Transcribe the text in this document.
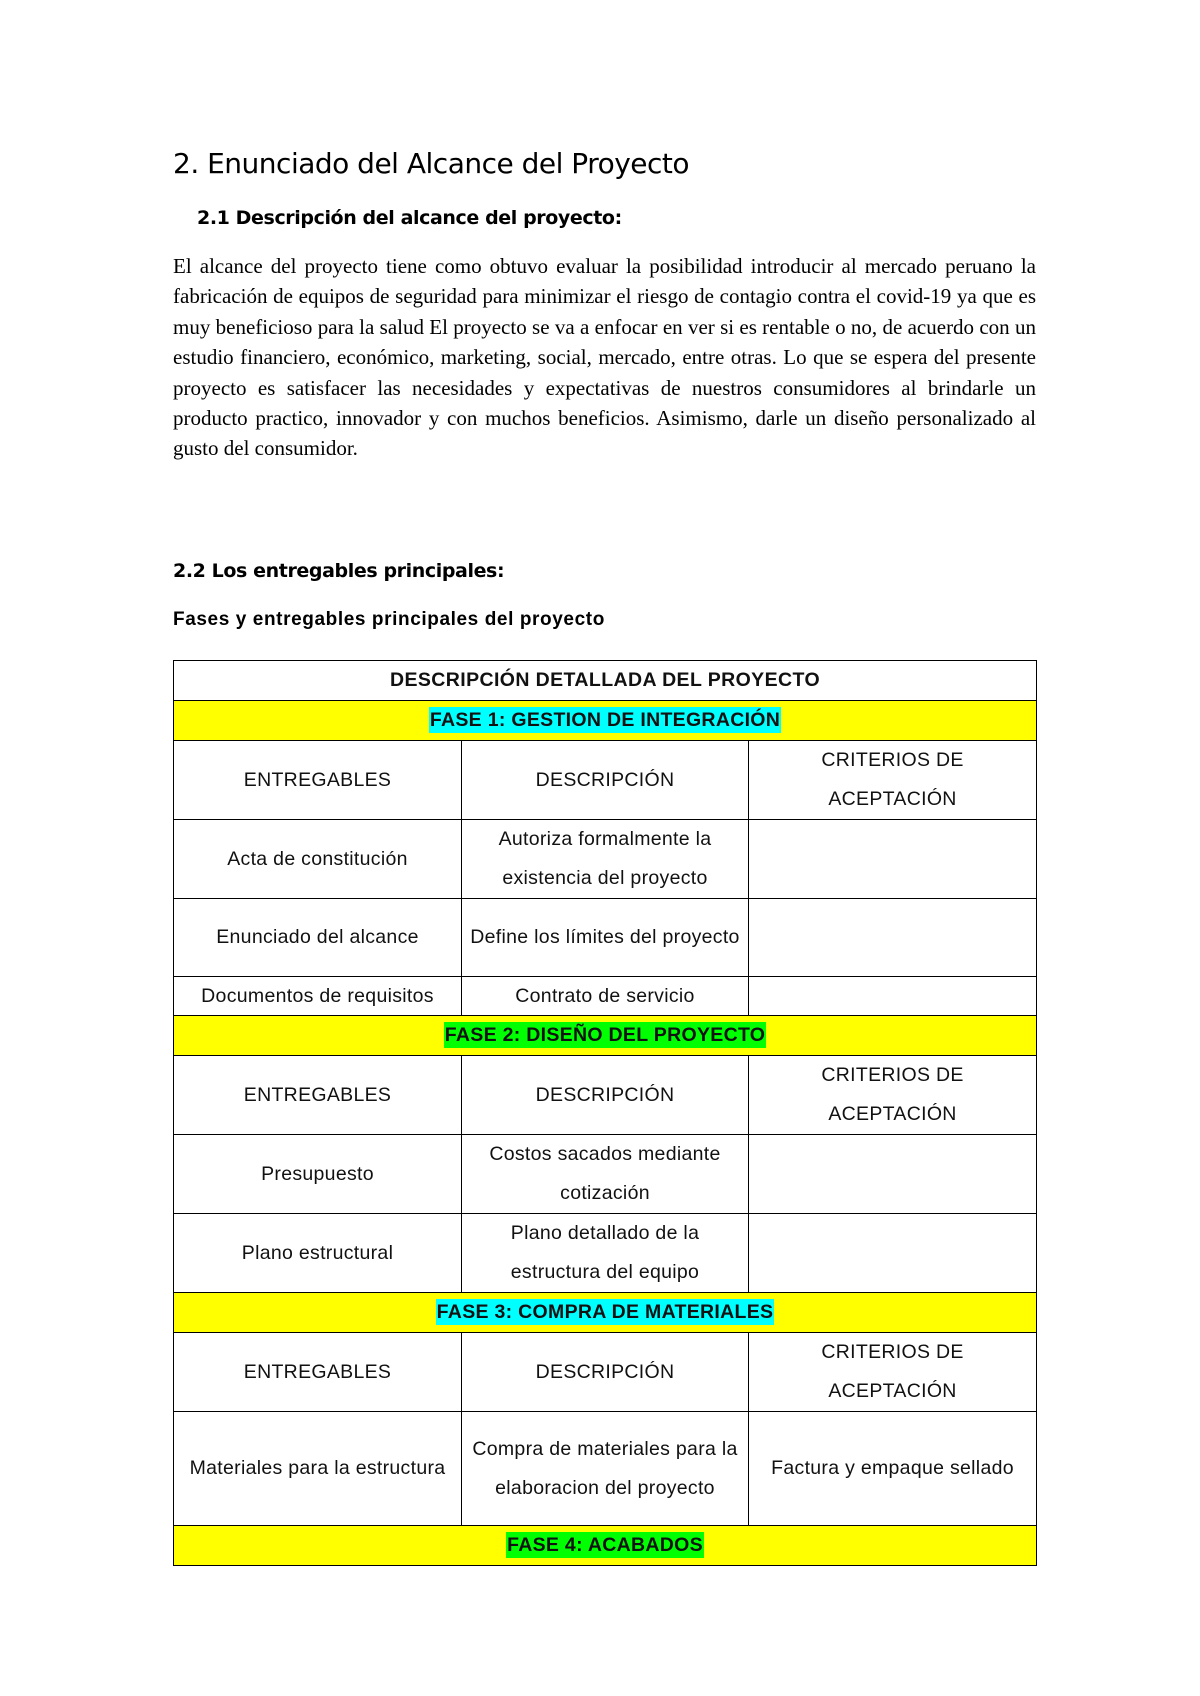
2. Enunciado del Alcance del Proyecto
2.1 Descripción del alcance del proyecto:

El alcance del proyecto tiene como obtuvo evaluar la posibilidad introducir al mercado peruano la fabricación de equipos de seguridad para minimizar el riesgo de contagio contra el covid-19 ya que es muy beneficioso para la salud El proyecto se va a enfocar en ver si es rentable o no, de acuerdo con un estudio financiero, económico, marketing, social, mercado, entre otras. Lo que se espera del presente proyecto es satisfacer las necesidades y expectativas de nuestros consumidores al brindarle un producto practico, innovador y con muchos beneficios. Asimismo, darle un diseño personalizado al gusto del consumidor.

2.2 Los entregables principales:
Fases y entregables principales del proyecto
DESCRIPCIÓN DETALLADA DEL PROYECTO		
FASE 1: GESTION DE INTEGRACIÓN		
ENTREGABLES	DESCRIPCIÓN	CRITERIOS DE ACEPTACIÓN
Acta de constitución	Autoriza formalmente la existencia del proyecto	
Enunciado del alcance	Define los límites del proyecto	
Documentos de requisitos	Contrato de servicio	
FASE 2: DISEÑO DEL PROYECTO		
ENTREGABLES	DESCRIPCIÓN	CRITERIOS DE ACEPTACIÓN
Presupuesto	Costos sacados mediante cotización	
Plano estructural	Plano detallado de la estructura del equipo	
FASE 3: COMPRA DE MATERIALES		
ENTREGABLES	DESCRIPCIÓN	CRITERIOS DE ACEPTACIÓN
Materiales para la estructura	Compra de materiales para la elaboracion del proyecto	Factura y empaque sellado
FASE 4: ACABADOS		
